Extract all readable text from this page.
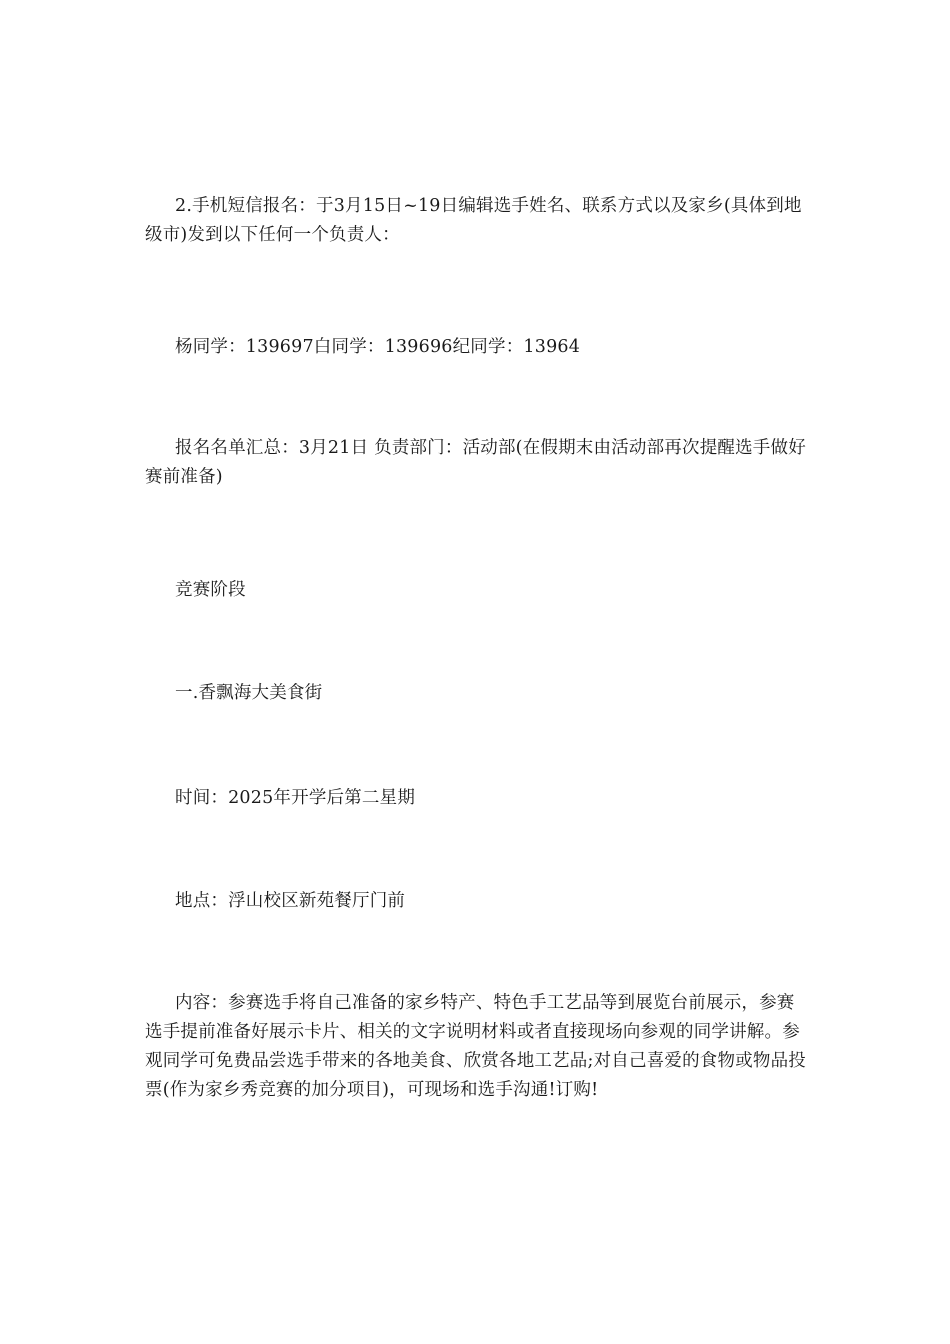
2.手机短信报名：于3月15日~19日编辑选手姓名、联系方式以及家乡(具体到地级市)发到以下任何一个负责人：

杨同学：139697白同学：139696纪同学：13964

报名名单汇总：3月21日 负责部门：活动部(在假期末由活动部再次提醒选手做好赛前准备)

竞赛阶段

一.香飘海大美食街

时间：2025年开学后第二星期

地点：浮山校区新苑餐厅门前

内容：参赛选手将自己准备的家乡特产、特色手工艺品等到展览台前展示，参赛选手提前准备好展示卡片、相关的文字说明材料或者直接现场向参观的同学讲解。参观同学可免费品尝选手带来的各地美食、欣赏各地工艺品;对自己喜爱的食物或物品投票(作为家乡秀竞赛的加分项目)，可现场和选手沟通!订购!
